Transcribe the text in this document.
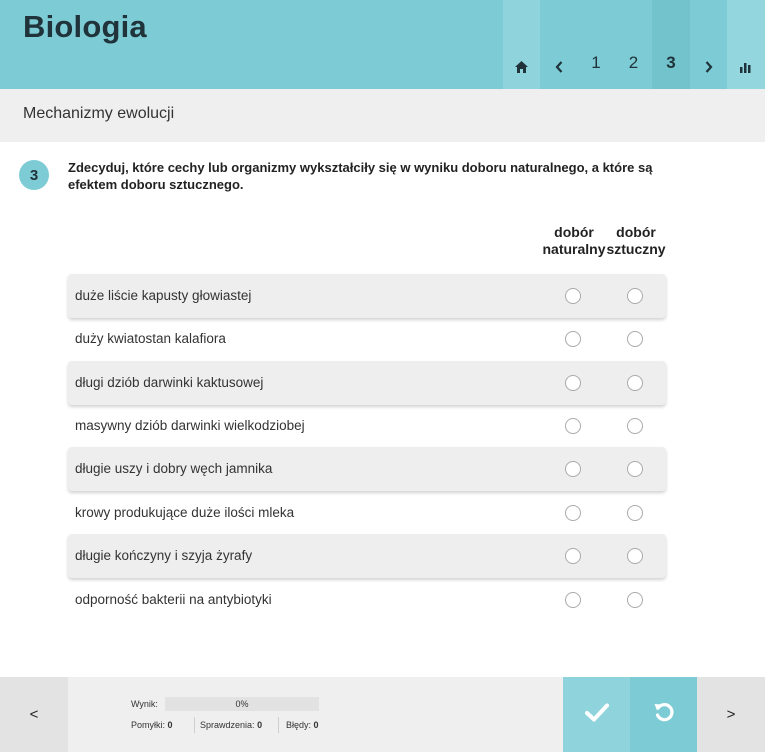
Biologia
1	2	3
Mechanizmy ewolucji
3	Zdecyduj, które cechy lub organizmy wykształciły się w wyniku doboru naturalnego, a które są efektem doboru sztucznego.
dobór naturalny
dobór sztuczny
duże liście kapusty głowiastej
duży kwiatostan kalafiora
długi dziób darwinki kaktusowej
masywny dziób darwinki wielkodziobej
długie uszy i dobry węch jamnika
krowy produkujące duże ilości mleka
długie kończyny i szyja żyrafy
odporność bakterii na antybiotyki
<
Wynik:	0%
Pomyłki: 0	Sprawdzenia: 0	Błędy: 0
>
